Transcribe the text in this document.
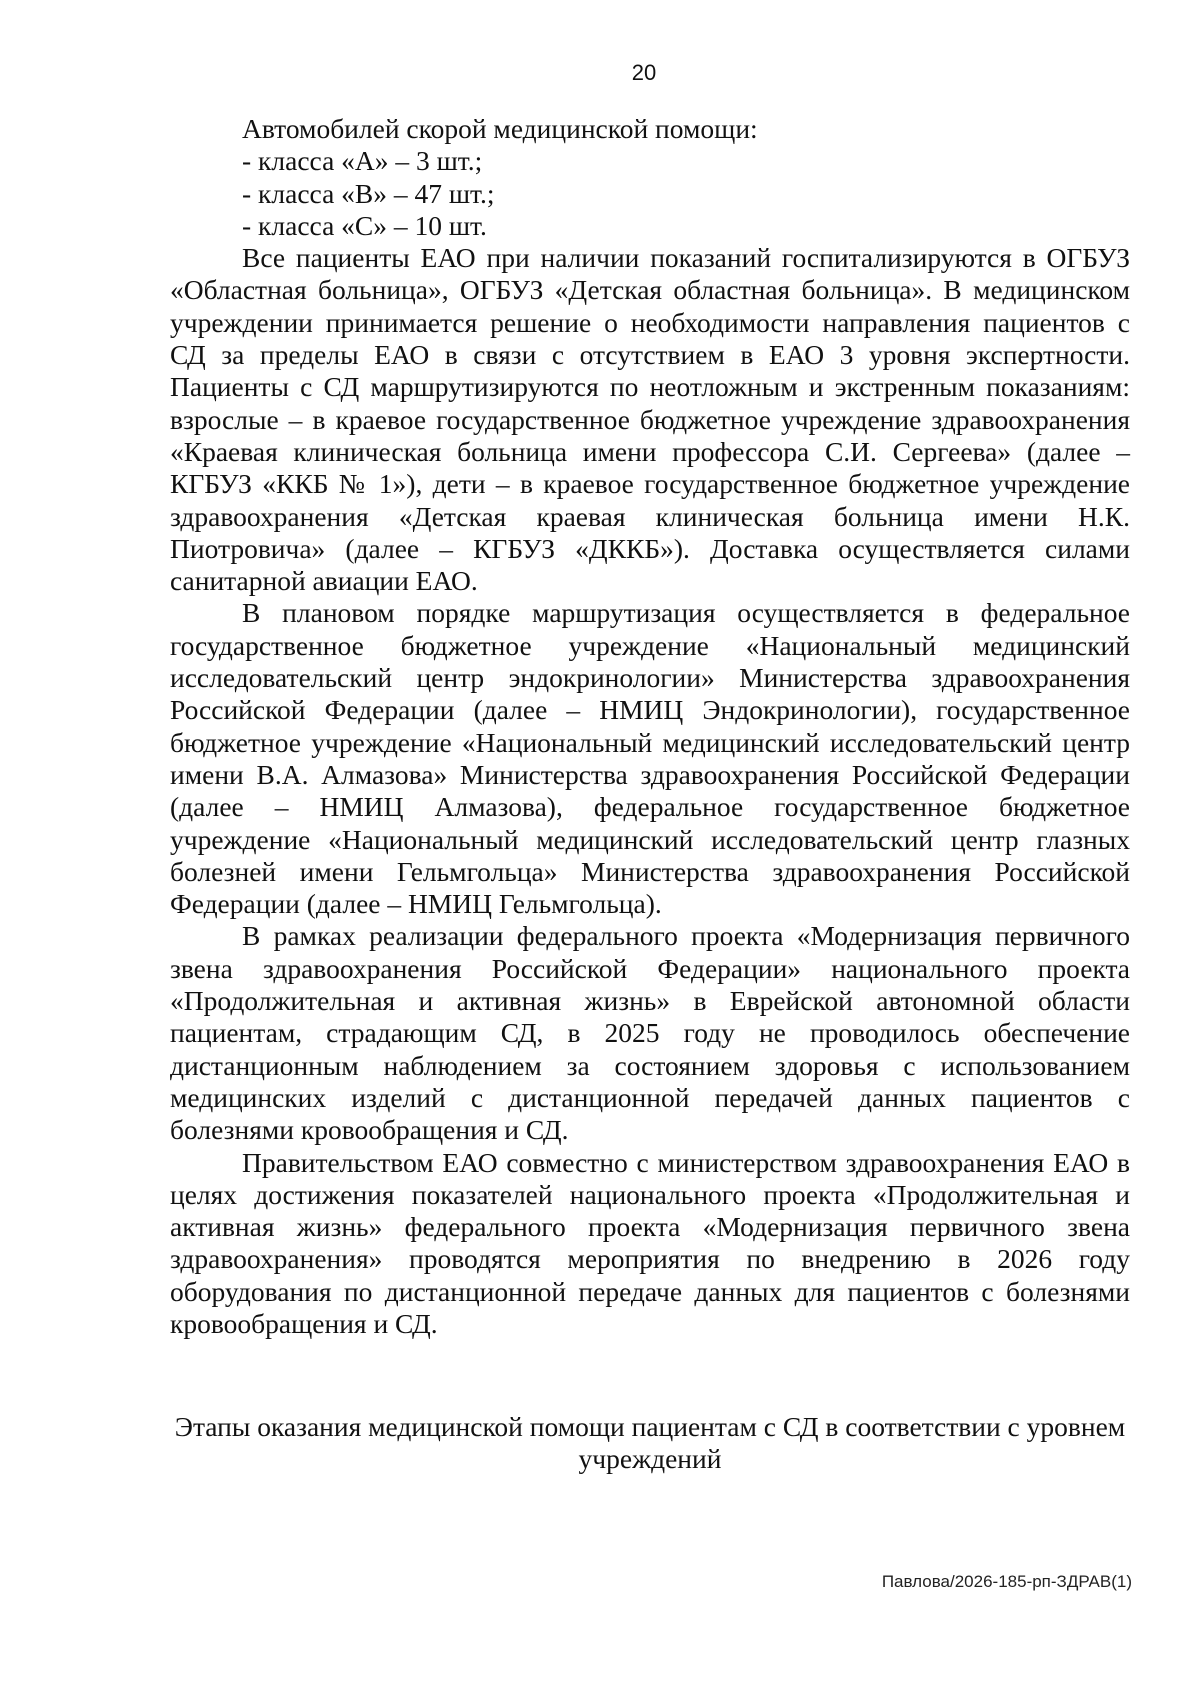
20

Автомобилей скорой медицинской помощи:

- класса «А» – 3 шт.;

- класса «В» – 47 шт.;

- класса «С» – 10 шт.

Все пациенты ЕАО при наличии показаний госпитализируются в ОГБУЗ «Областная больница», ОГБУЗ «Детская областная больница». В медицинском учреждении принимается решение о необходимости направления пациентов с СД за пределы ЕАО в связи с отсутствием в ЕАО 3 уровня экспертности. Пациенты с СД маршрутизируются по неотложным и экстренным показаниям: взрослые – в краевое государственное бюджетное учреждение здравоохранения «Краевая клиническая больница имени профессора С.И. Сергеева» (далее – КГБУЗ «ККБ № 1»), дети – в краевое государственное бюджетное учреждение здравоохранения «Детская краевая клиническая больница имени Н.К. Пиотровича» (далее – КГБУЗ «ДККБ»). Доставка осуществляется силами санитарной авиации ЕАО.

В плановом порядке маршрутизация осуществляется в федеральное государственное бюджетное учреждение «Национальный медицинский исследовательский центр эндокринологии» Министерства здравоохранения Российской Федерации (далее – НМИЦ Эндокринологии), государственное бюджетное учреждение «Национальный медицинский исследовательский центр имени В.А. Алмазова» Министерства здравоохранения Российской Федерации (далее – НМИЦ Алмазова), федеральное государственное бюджетное учреждение «Национальный медицинский исследовательский центр глазных болезней имени Гельмгольца» Министерства здравоохранения Российской Федерации (далее – НМИЦ Гельмгольца).

В рамках реализации федерального проекта «Модернизация первичного звена здравоохранения Российской Федерации» национального проекта «Продолжительная и активная жизнь» в Еврейской автономной области пациентам, страдающим СД, в 2025 году не проводилось обеспечение дистанционным наблюдением за состоянием здоровья с использованием медицинских изделий с дистанционной передачей данных пациентов с болезнями кровообращения и СД.

Правительством ЕАО совместно с министерством здравоохранения ЕАО в целях достижения показателей национального проекта «Продолжительная и активная жизнь» федерального проекта «Модернизация первичного звена здравоохранения» проводятся мероприятия по внедрению в 2026 году оборудования по дистанционной передаче данных для пациентов с болезнями кровообращения и СД.

Этапы оказания медицинской помощи пациентам с СД в соответствии с уровнем учреждений

Павлова/2026-185-рп-ЗДРАВ(1)
